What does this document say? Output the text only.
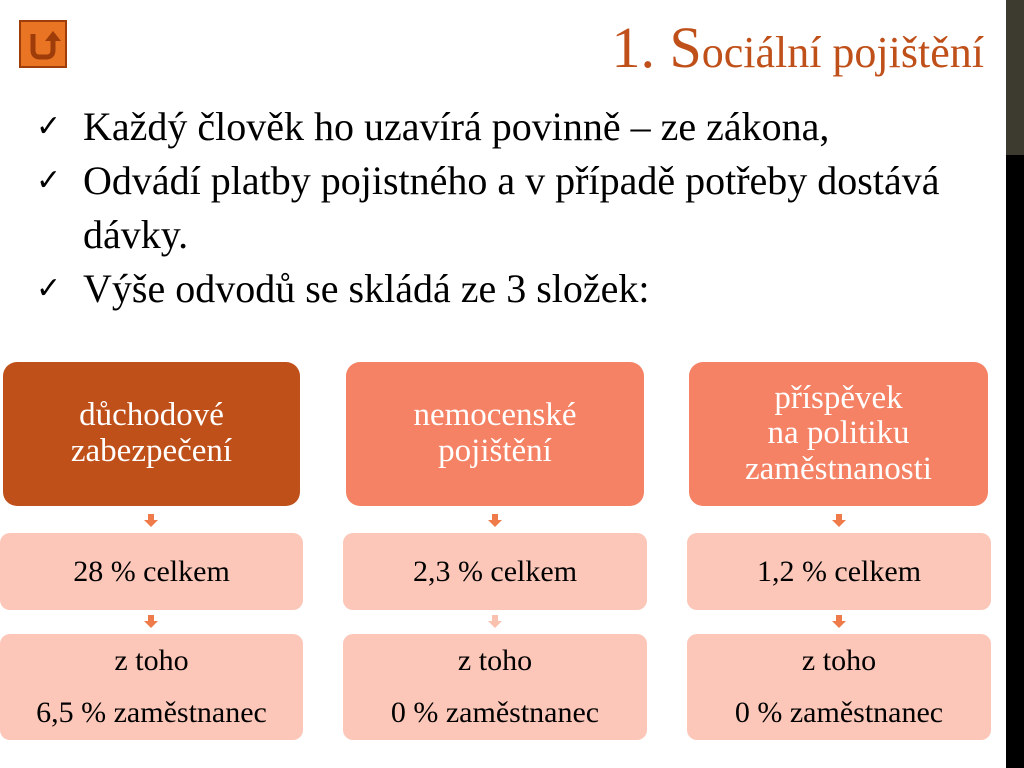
1. Sociální pojištění
✓ Každý člověk ho uzavírá povinně – ze zákona,
✓ Odvádí platby pojistného a v případě potřeby dostává dávky.
✓ Výše odvodů se skládá ze 3 složek:
důchodové
zabezpečení
28 % celkem
z toho
6,5 % zaměstnanec
nemocenské
pojištění
2,3 % celkem
z toho
0 % zaměstnanec
příspěvek
na politiku
zaměstnanosti
1,2 % celkem
z toho
0 % zaměstnanec
